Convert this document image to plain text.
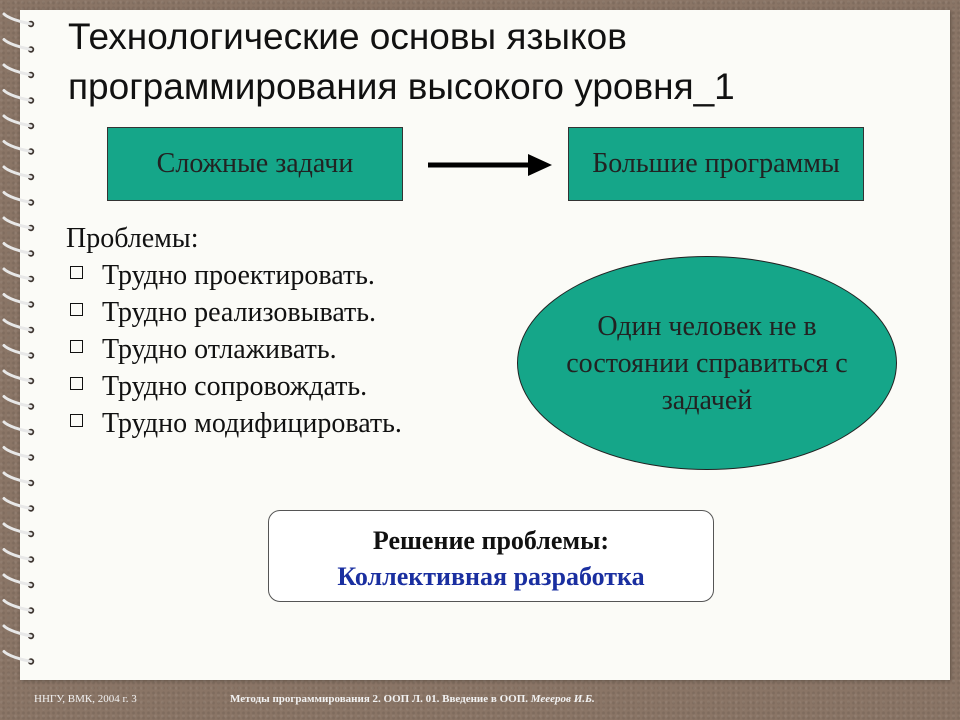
Технологические основы языков
программирования высокого уровня_1
Сложные задачи	Большие программы
Проблемы:
Трудно проектировать.
Трудно реализовывать.
Трудно отлаживать.
Трудно сопровождать.
Трудно модифицировать.
Один человек не в состоянии справиться с задачей
Решение проблемы:
Коллективная разработка
ННГУ, ВМК, 2004 г. 3	Методы программирования 2. ООП Л. 01. Введение в ООП. Меееров И.Б.
